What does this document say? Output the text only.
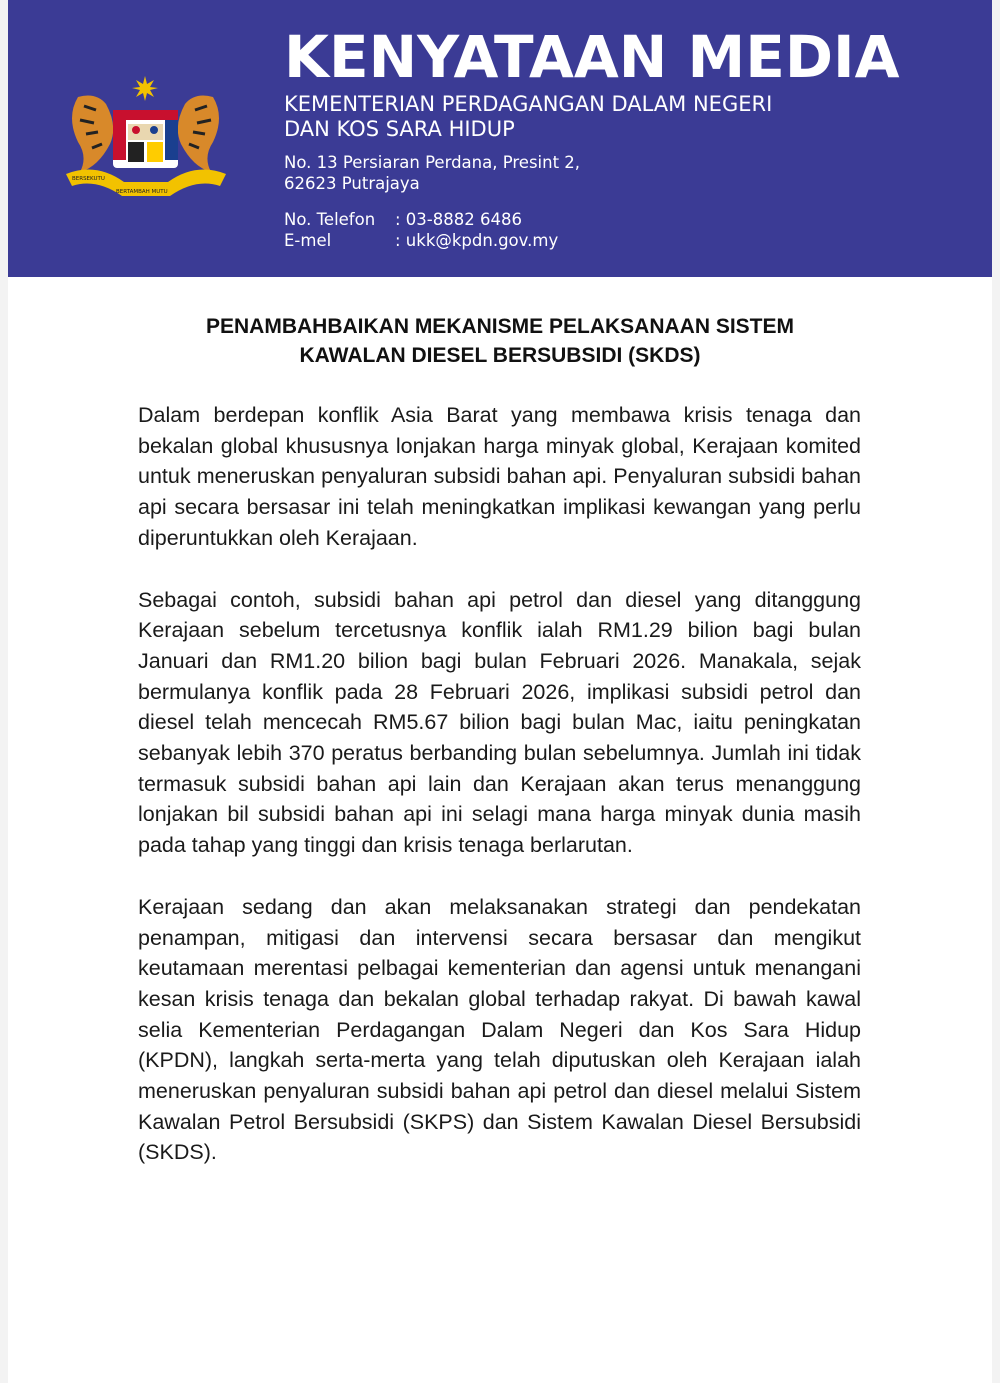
BERSEKUTU
BERTAMBAH MUTU
KENYATAAN MEDIA
KEMENTERIAN PERDAGANGAN DALAM NEGERI
DAN KOS SARA HIDUP
No. 13 Persiaran Perdana, Presint 2,
62623 Putrajaya
No. Telefon	: 03-8882 6486
E-mel	: ukk@kpdn.gov.my
PENAMBAHBAIKAN MEKANISME PELAKSANAAN SISTEM
KAWALAN DIESEL BERSUBSIDI (SKDS)

Dalam berdepan konflik Asia Barat yang membawa krisis tenaga dan bekalan global khususnya lonjakan harga minyak global, Kerajaan komited untuk meneruskan penyaluran subsidi bahan api. Penyaluran subsidi bahan api secara bersasar ini telah meningkatkan implikasi kewangan yang perlu diperuntukkan oleh Kerajaan.

Sebagai contoh, subsidi bahan api petrol dan diesel yang ditanggung Kerajaan sebelum tercetusnya konflik ialah RM1.29 bilion bagi bulan Januari dan RM1.20 bilion bagi bulan Februari 2026. Manakala, sejak bermulanya konflik pada 28 Februari 2026, implikasi subsidi petrol dan diesel telah mencecah RM5.67 bilion bagi bulan Mac, iaitu peningkatan sebanyak lebih 370 peratus berbanding bulan sebelumnya. Jumlah ini tidak termasuk subsidi bahan api lain dan Kerajaan akan terus menanggung lonjakan bil subsidi bahan api ini selagi mana harga minyak dunia masih pada tahap yang tinggi dan krisis tenaga berlarutan.

Kerajaan sedang dan akan melaksanakan strategi dan pendekatan penampan, mitigasi dan intervensi secara bersasar dan mengikut keutamaan merentasi pelbagai kementerian dan agensi untuk menangani kesan krisis tenaga dan bekalan global terhadap rakyat. Di bawah kawal selia Kementerian Perdagangan Dalam Negeri dan Kos Sara Hidup (KPDN), langkah serta-merta yang telah diputuskan oleh Kerajaan ialah meneruskan penyaluran subsidi bahan api petrol dan diesel melalui Sistem Kawalan Petrol Bersubsidi (SKPS) dan Sistem Kawalan Diesel Bersubsidi (SKDS).
